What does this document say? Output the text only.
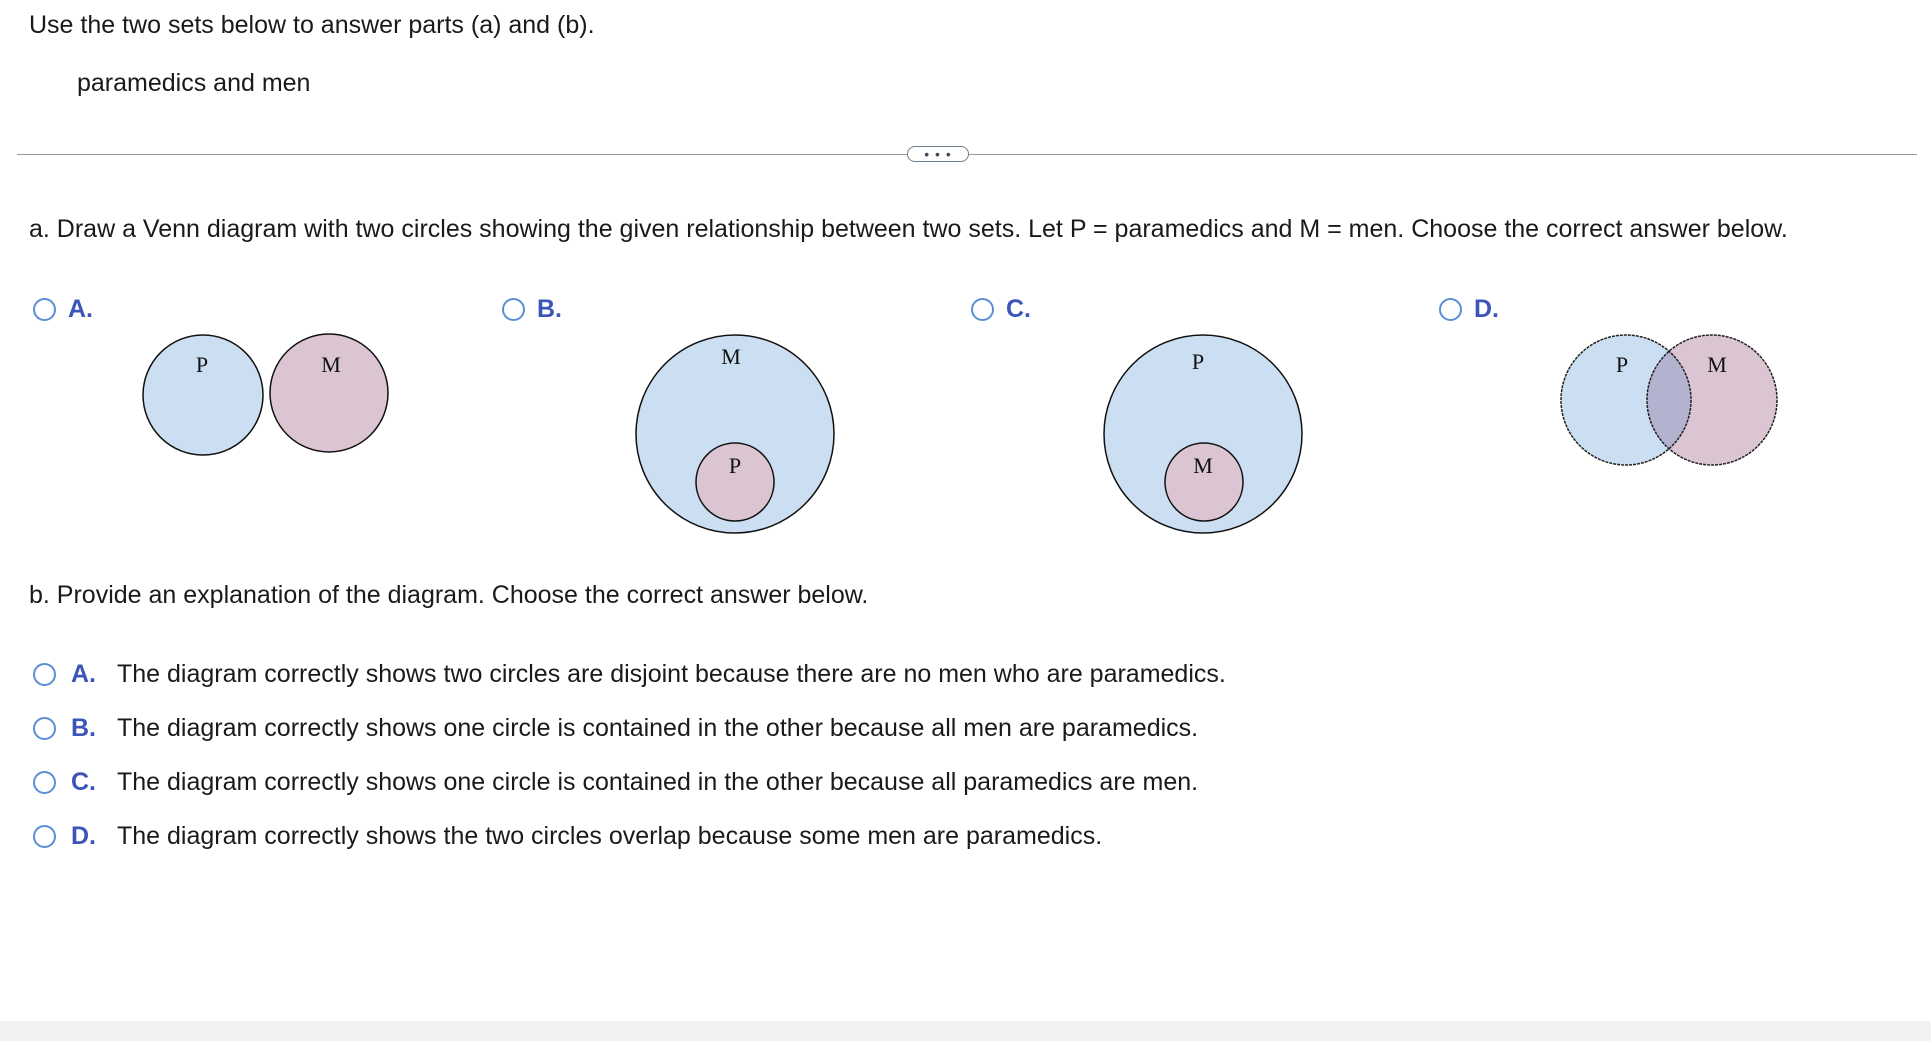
Use the two sets below to answer parts (a) and (b).
paramedics and men
• • •
a. Draw a Venn diagram with two circles showing the given relationship between two sets. Let P = paramedics and M = men. Choose the correct answer below.
A.	B.	C.	D.
P	M	M
P
P
M
P	M
b. Provide an explanation of the diagram. Choose the correct answer below.
A. The diagram correctly shows two circles are disjoint because there are no men who are paramedics.
B. The diagram correctly shows one circle is contained in the other because all men are paramedics.
C. The diagram correctly shows one circle is contained in the other because all paramedics are men.
D. The diagram correctly shows the two circles overlap because some men are paramedics.
